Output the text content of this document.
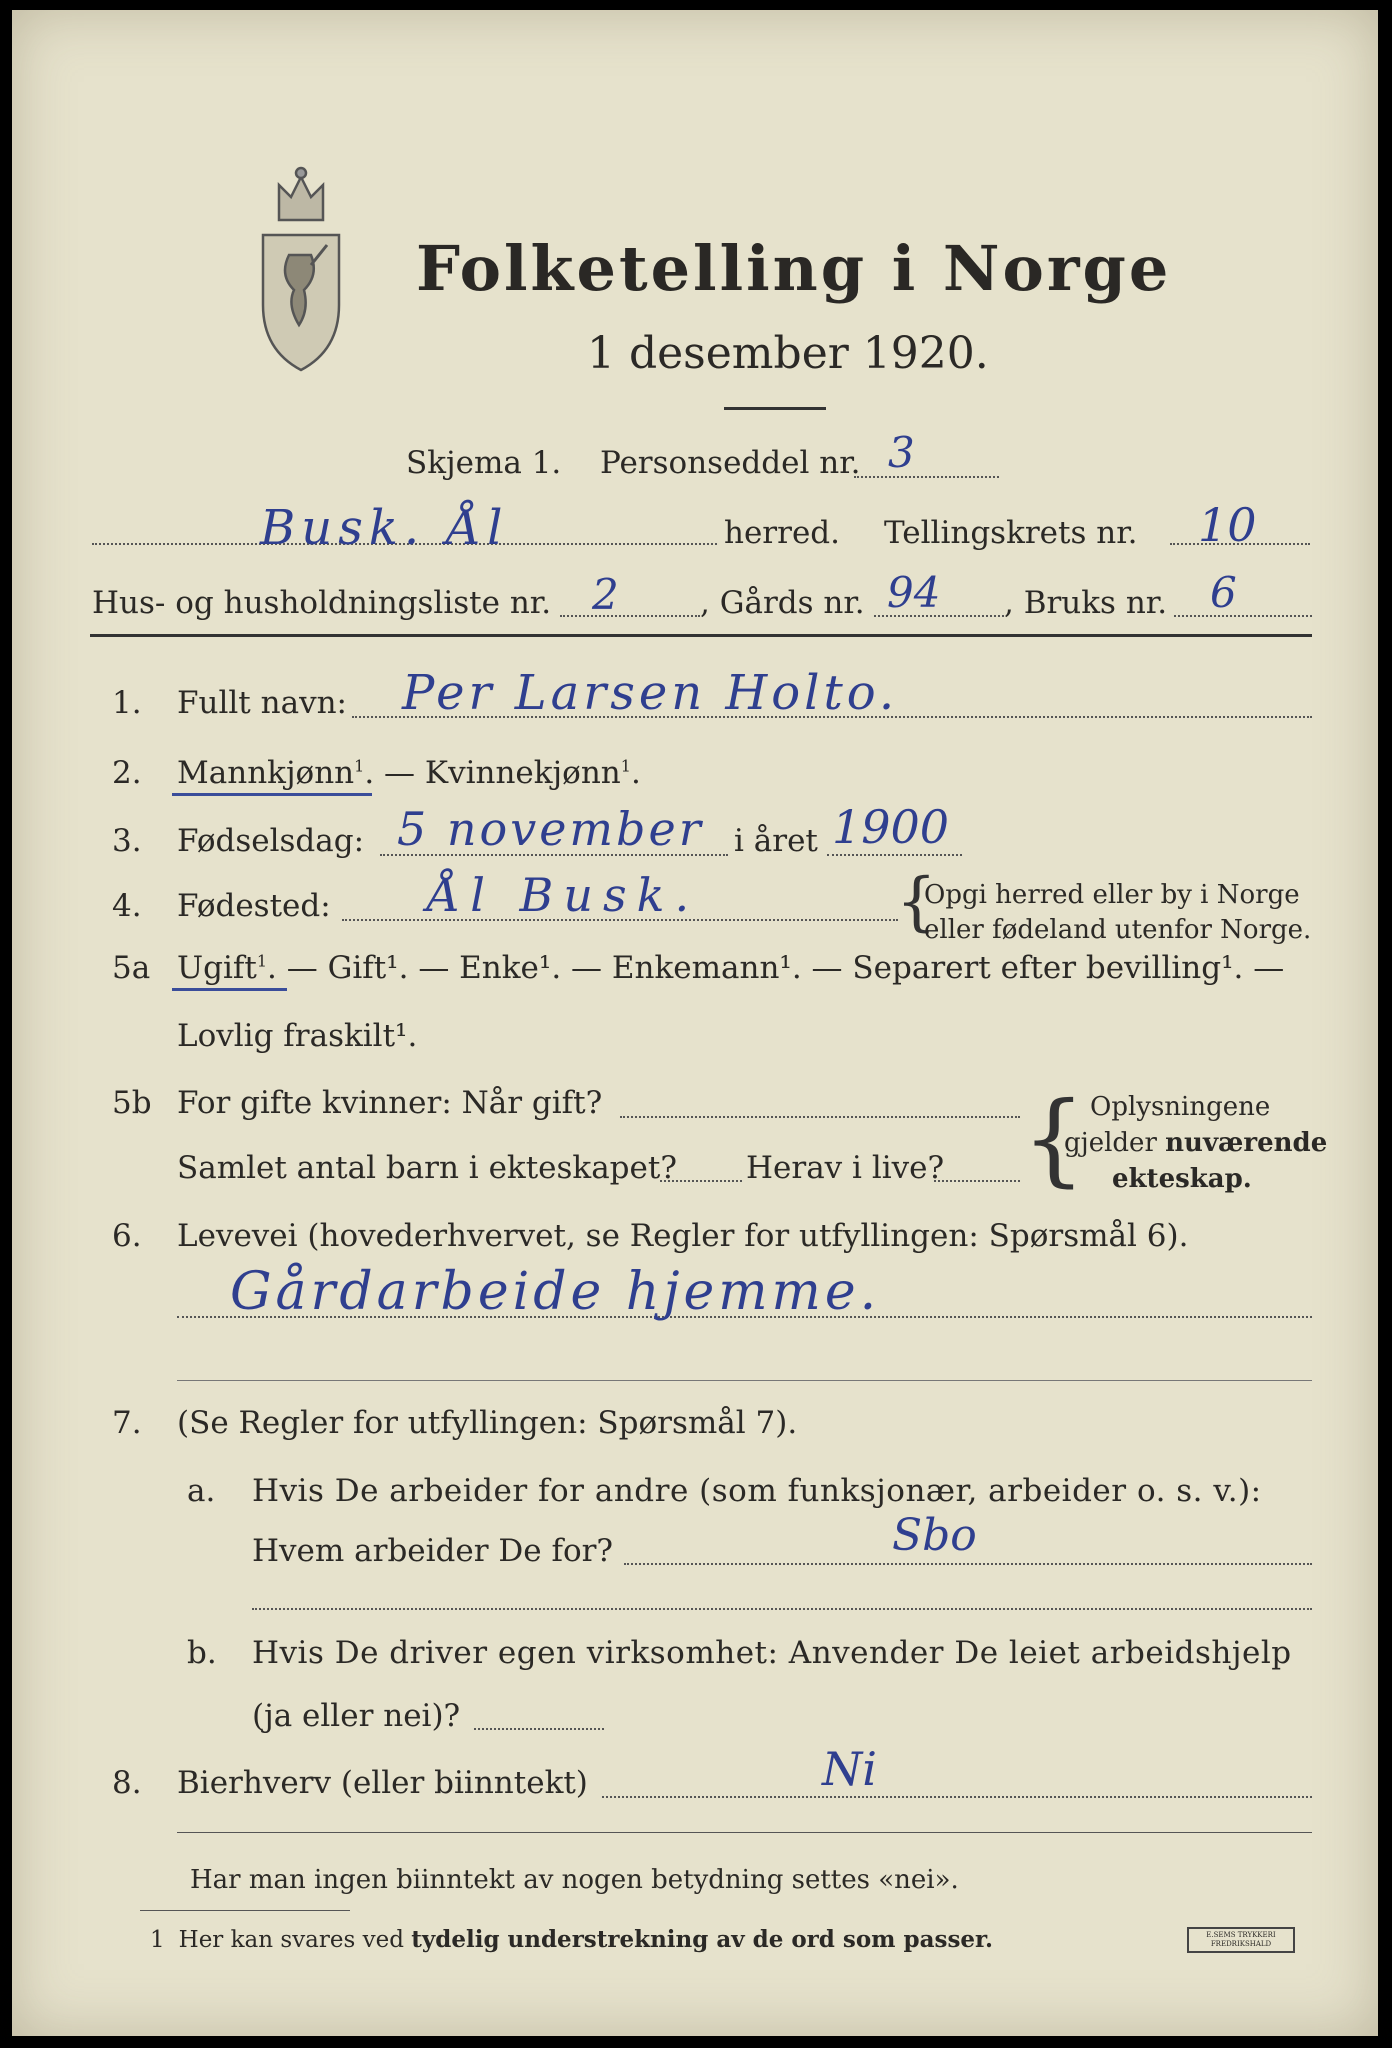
Folketelling i Norge
1 desember 1920.
Skjema 1. Personseddel nr. 3
Busk. Ål	herred. Tellingskrets nr. 10
Hus- og husholdningsliste nr. 2	, Gårds nr. 94 , Bruks nr. 6
1. Fullt navn: Per Larsen Holto.
2. Mannkjønn$^1$. — Kvinnekjønn$^1$.
3. Fødselsdag: 5 november i året 1900
4. Fødested: Ål Busk.	{
Opgi herred eller by i Norge
eller fødeland utenfor Norge.
5a Ugift$^1$. — Gift¹. — Enke¹. — Enkemann¹. — Separert efter bevilling¹. —
Lovlig fraskilt¹.
5b For gifte kvinner: Når gift?
Samlet antal barn i ekteskapet? Herav i live? { Oplysningene
gjelder nuværende
ekteskap.
6. Levevei (hovederhvervet, se Regler for utfyllingen: Spørsmål 6).
Gårdarbeide hjemme.
7. (Se Regler for utfyllingen: Spørsmål 7).
a. Hvis De arbeider for andre (som funksjonær, arbeider o. s. v.):
Hvem arbeider De for?	Sbo
b. Hvis De driver egen virksomhet: Anvender De leiet arbeidshjelp
(ja eller nei)?
8. Bierhverv (eller biinntekt)	Ni
Har man ingen biinntekt av nogen betydning settes «nei».
1 Her kan svares ved tydelig understrekning av de ord som passer.	E.SEMS TRYKKERI FREDRIKSHALD
